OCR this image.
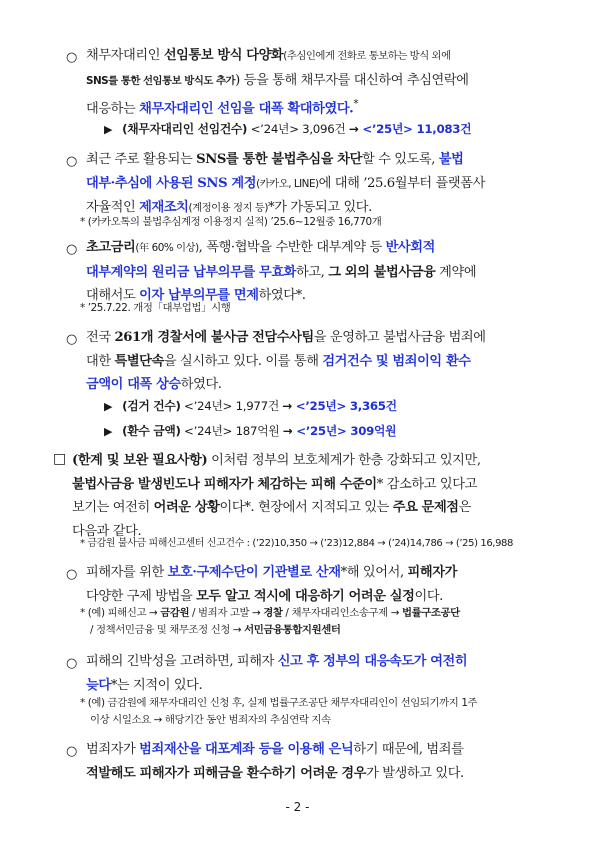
○ 채무자대리인 선임통보 방식 다양화(추심인에게 전화로 통보하는 방식 외에
SNS를 통한 선임통보 방식도 추가) 등을 통해 채무자를 대신하여 추심연락에
대응하는 채무자대리인 선임을 대폭 확대하였다.*

▶ (채무자대리인 선임건수) <’24년> 3,096건 → <’25년> 11,083건
○ 최근 주로 활용되는 SNS를 통한 불법추심을 차단할 수 있도록, 불법
대부·추심에 사용된 SNS 계정(카카오, LINE)에 대해 ’25.6월부터 플랫폼사
자율적인 제재조치(계정이용 정지 등)*가 가동되고 있다.

* (카카오톡의 불법추심계정 이용정지 실적) ’25.6~12월중 16,770개

○ 초고금리(年 60% 이상), 폭행·협박을 수반한 대부계약 등 반사회적
대부계약의 원리금 납부의무를 무효화하고, 그 외의 불법사금융 계약에
대해서도 이자 납부의무를 면제하였다*.

* ’25.7.22. 개정「대부업법」시행

○ 전국 261개 경찰서에 불사금 전담수사팀을 운영하고 불법사금융 범죄에
대한 특별단속을 실시하고 있다. 이를 통해 검거건수 및 범죄이익 환수
금액이 대폭 상승하였다.

▶ (검거 건수) <’24년> 1,977건 → <’25년> 3,365건
▶ (환수 금액) <’24년> 187억원 → <’25년> 309억원
□ (한계 및 보완 필요사항) 이처럼 정부의 보호체계가 한층 강화되고 있지만,
불법사금융 발생빈도나 피해자가 체감하는 피해 수준이* 감소하고 있다고
보기는 여전히 어려운 상황이다*. 현장에서 지적되고 있는 주요 문제점은
다음과 같다.

* 금감원 불사금 피해신고센터 신고건수 : (’22)10,350 → (’23)12,884 → (’24)14,786 → (’25) 16,988

○ 피해자를 위한 보호·구제수단이 기관별로 산재*해 있어서, 피해자가
다양한 구제 방법을 모두 알고 적시에 대응하기 어려운 실정이다.

* (예) 피해신고 → 금감원 / 범죄자 고발 → 경찰 / 채무자대리인소송구제 → 법률구조공단
/ 정책서민금융 및 채무조정 신청 → 서민금융통합지원센터

○ 피해의 긴박성을 고려하면, 피해자 신고 후 정부의 대응속도가 여전히
늦다*는 지적이 있다.

* (예) 금감원에 채무자대리인 신청 후, 실제 법률구조공단 채무자대리인이 선임되기까지 1주
이상 시일소요 → 해당기간 동안 범죄자의 추심연락 지속

○ 범죄자가 범죄재산을 대포계좌 등을 이용해 은닉하기 때문에, 범죄를
적발해도 피해자가 피해금을 환수하기 어려운 경우가 발생하고 있다.

- 2 -
